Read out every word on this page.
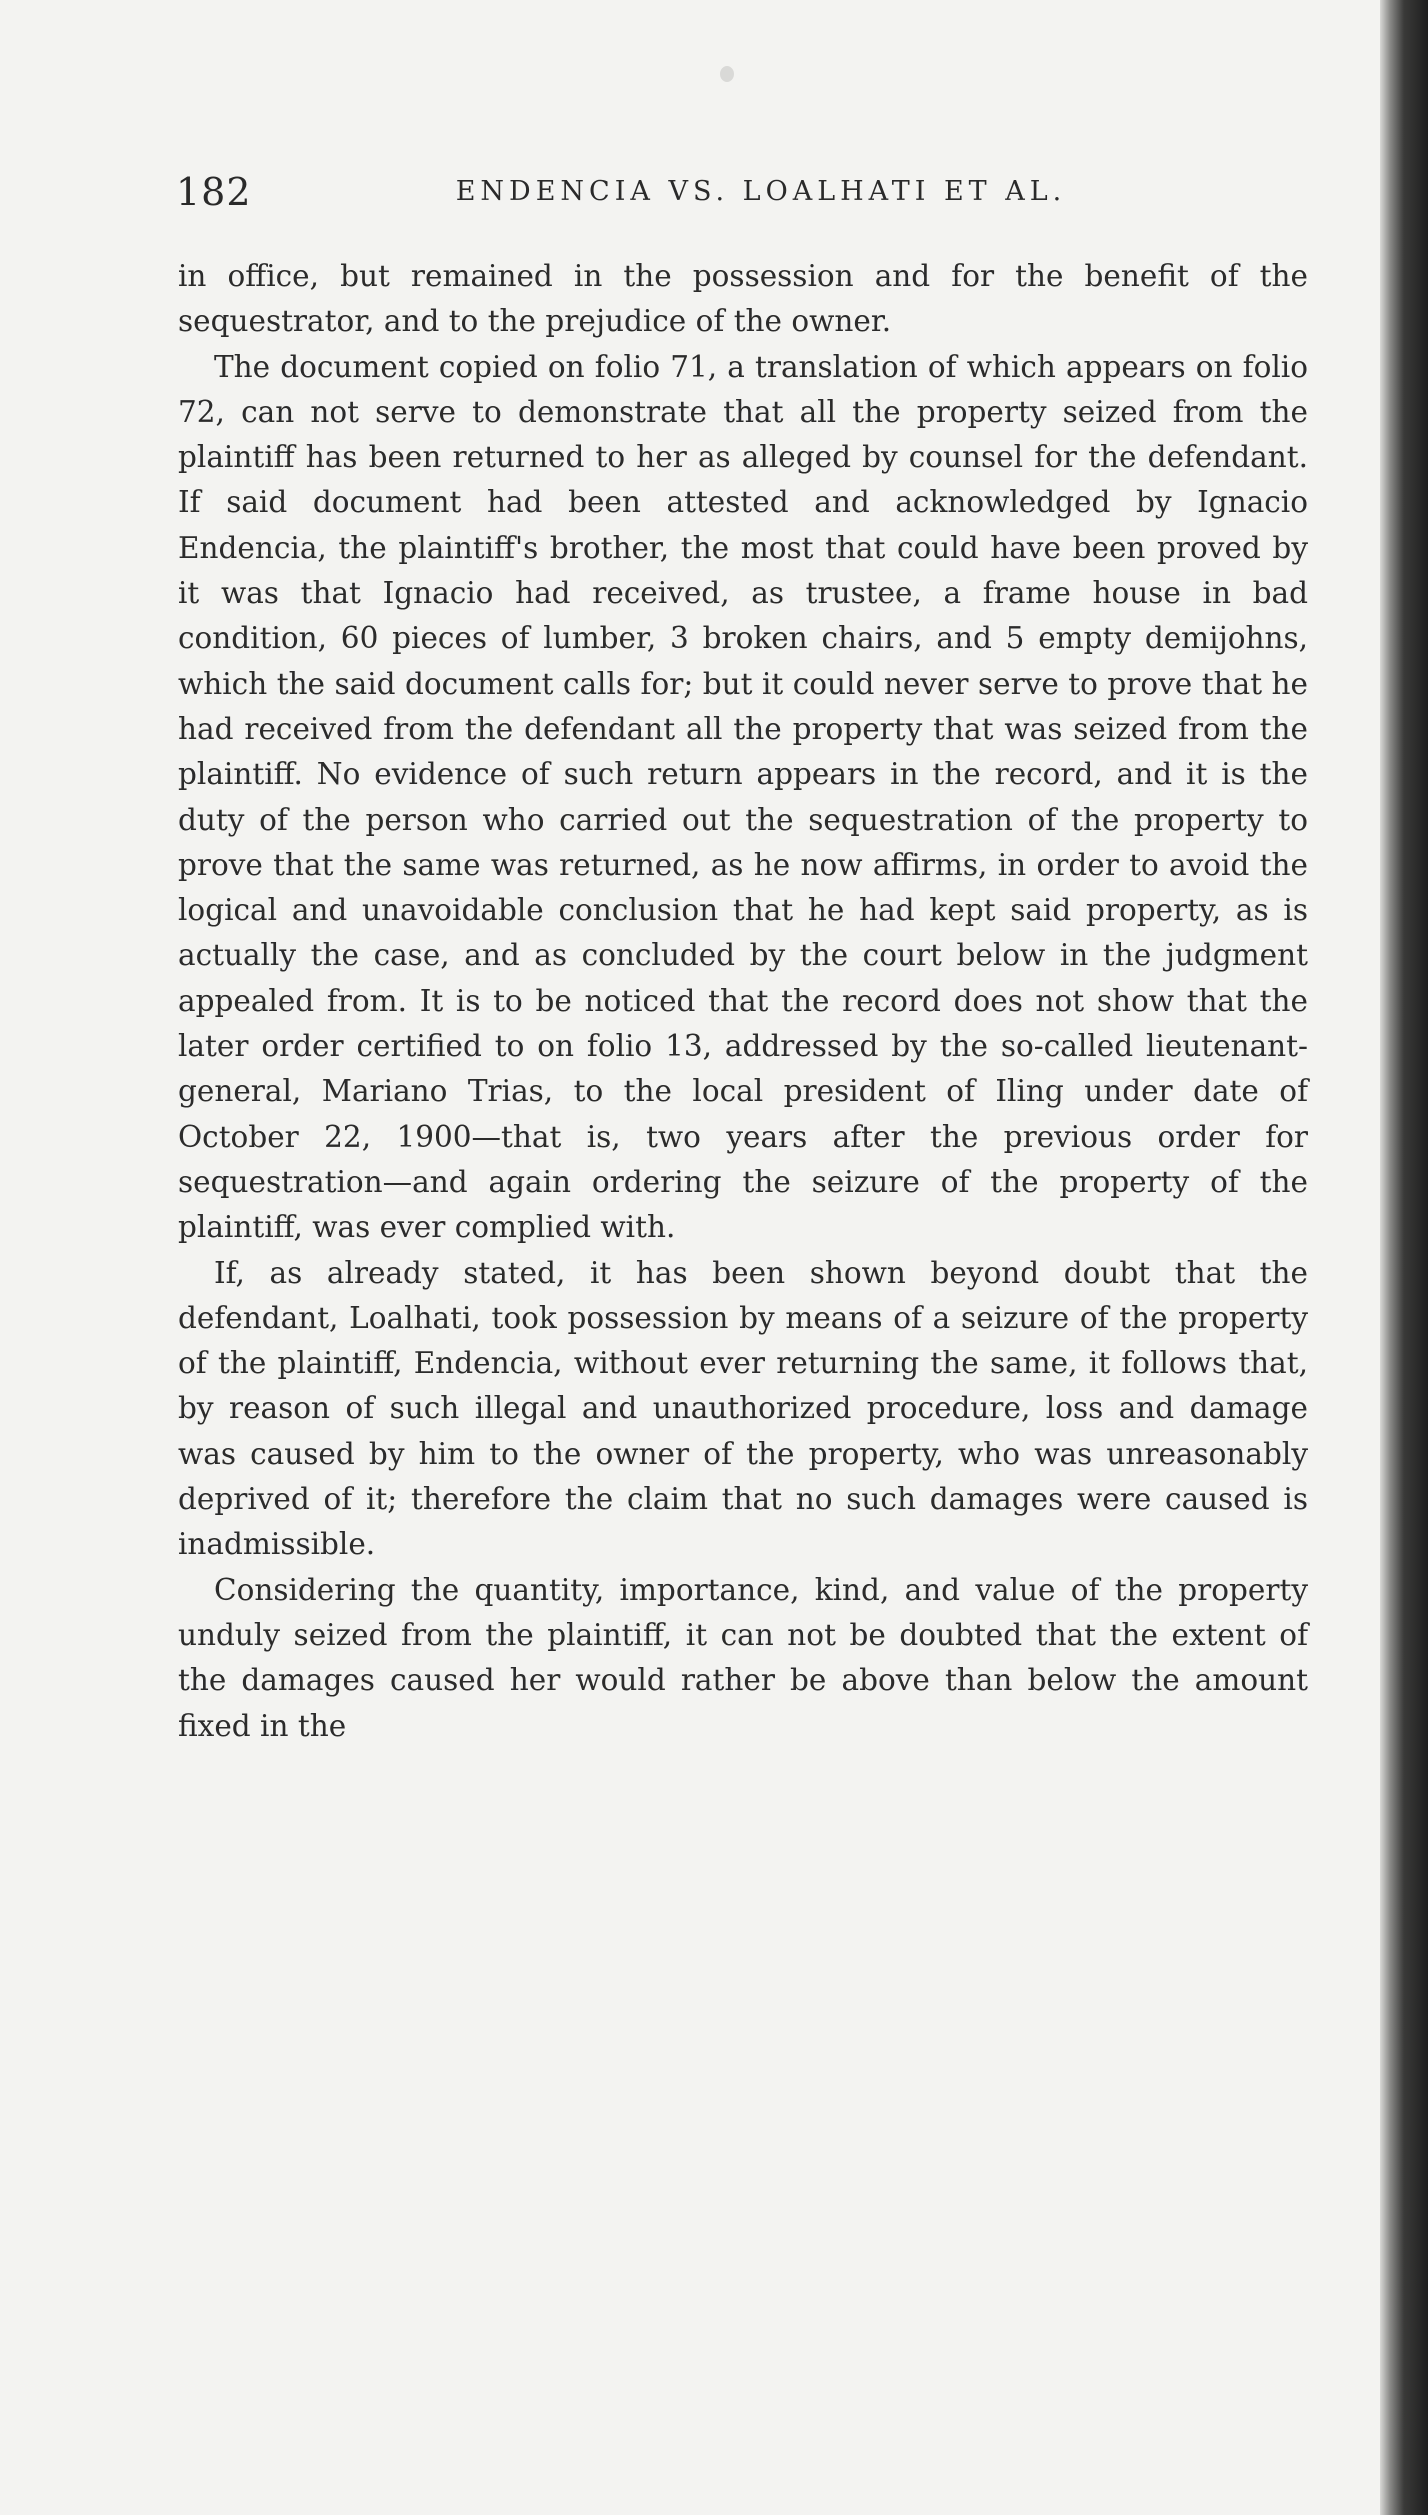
182	ENDENCIA VS. LOALHATI ET AL.

in office, but remained in the possession and for the benefit of the sequestrator, and to the prejudice of the owner.

The document copied on folio 71, a translation of which appears on folio 72, can not serve to demonstrate that all the property seized from the plaintiff has been returned to her as alleged by counsel for the defendant. If said document had been attested and acknowledged by Ignacio Endencia, the plaintiff's brother, the most that could have been proved by it was that Ignacio had received, as trustee, a frame house in bad condition, 60 pieces of lumber, 3 broken chairs, and 5 empty demijohns, which the said document calls for; but it could never serve to prove that he had received from the defendant all the property that was seized from the plaintiff. No evidence of such return appears in the record, and it is the duty of the person who carried out the sequestration of the property to prove that the same was returned, as he now affirms, in order to avoid the logical and unavoidable conclusion that he had kept said property, as is actually the case, and as concluded by the court below in the judgment appealed from. It is to be noticed that the record does not show that the later order certified to on folio 13, addressed by the so-called lieutenant-general, Mariano Trias, to the local president of Iling under date of October 22, 1900—that is, two years after the previous order for sequestration—and again ordering the seizure of the property of the plaintiff, was ever complied with.

If, as already stated, it has been shown beyond doubt that the defendant, Loalhati, took possession by means of a seizure of the property of the plaintiff, Endencia, without ever returning the same, it follows that, by reason of such illegal and unauthorized procedure, loss and damage was caused by him to the owner of the property, who was unreasonably deprived of it; therefore the claim that no such damages were caused is inadmissible.

Considering the quantity, importance, kind, and value of the property unduly seized from the plaintiff, it can not be doubted that the extent of the damages caused her would rather be above than below the amount fixed in the
